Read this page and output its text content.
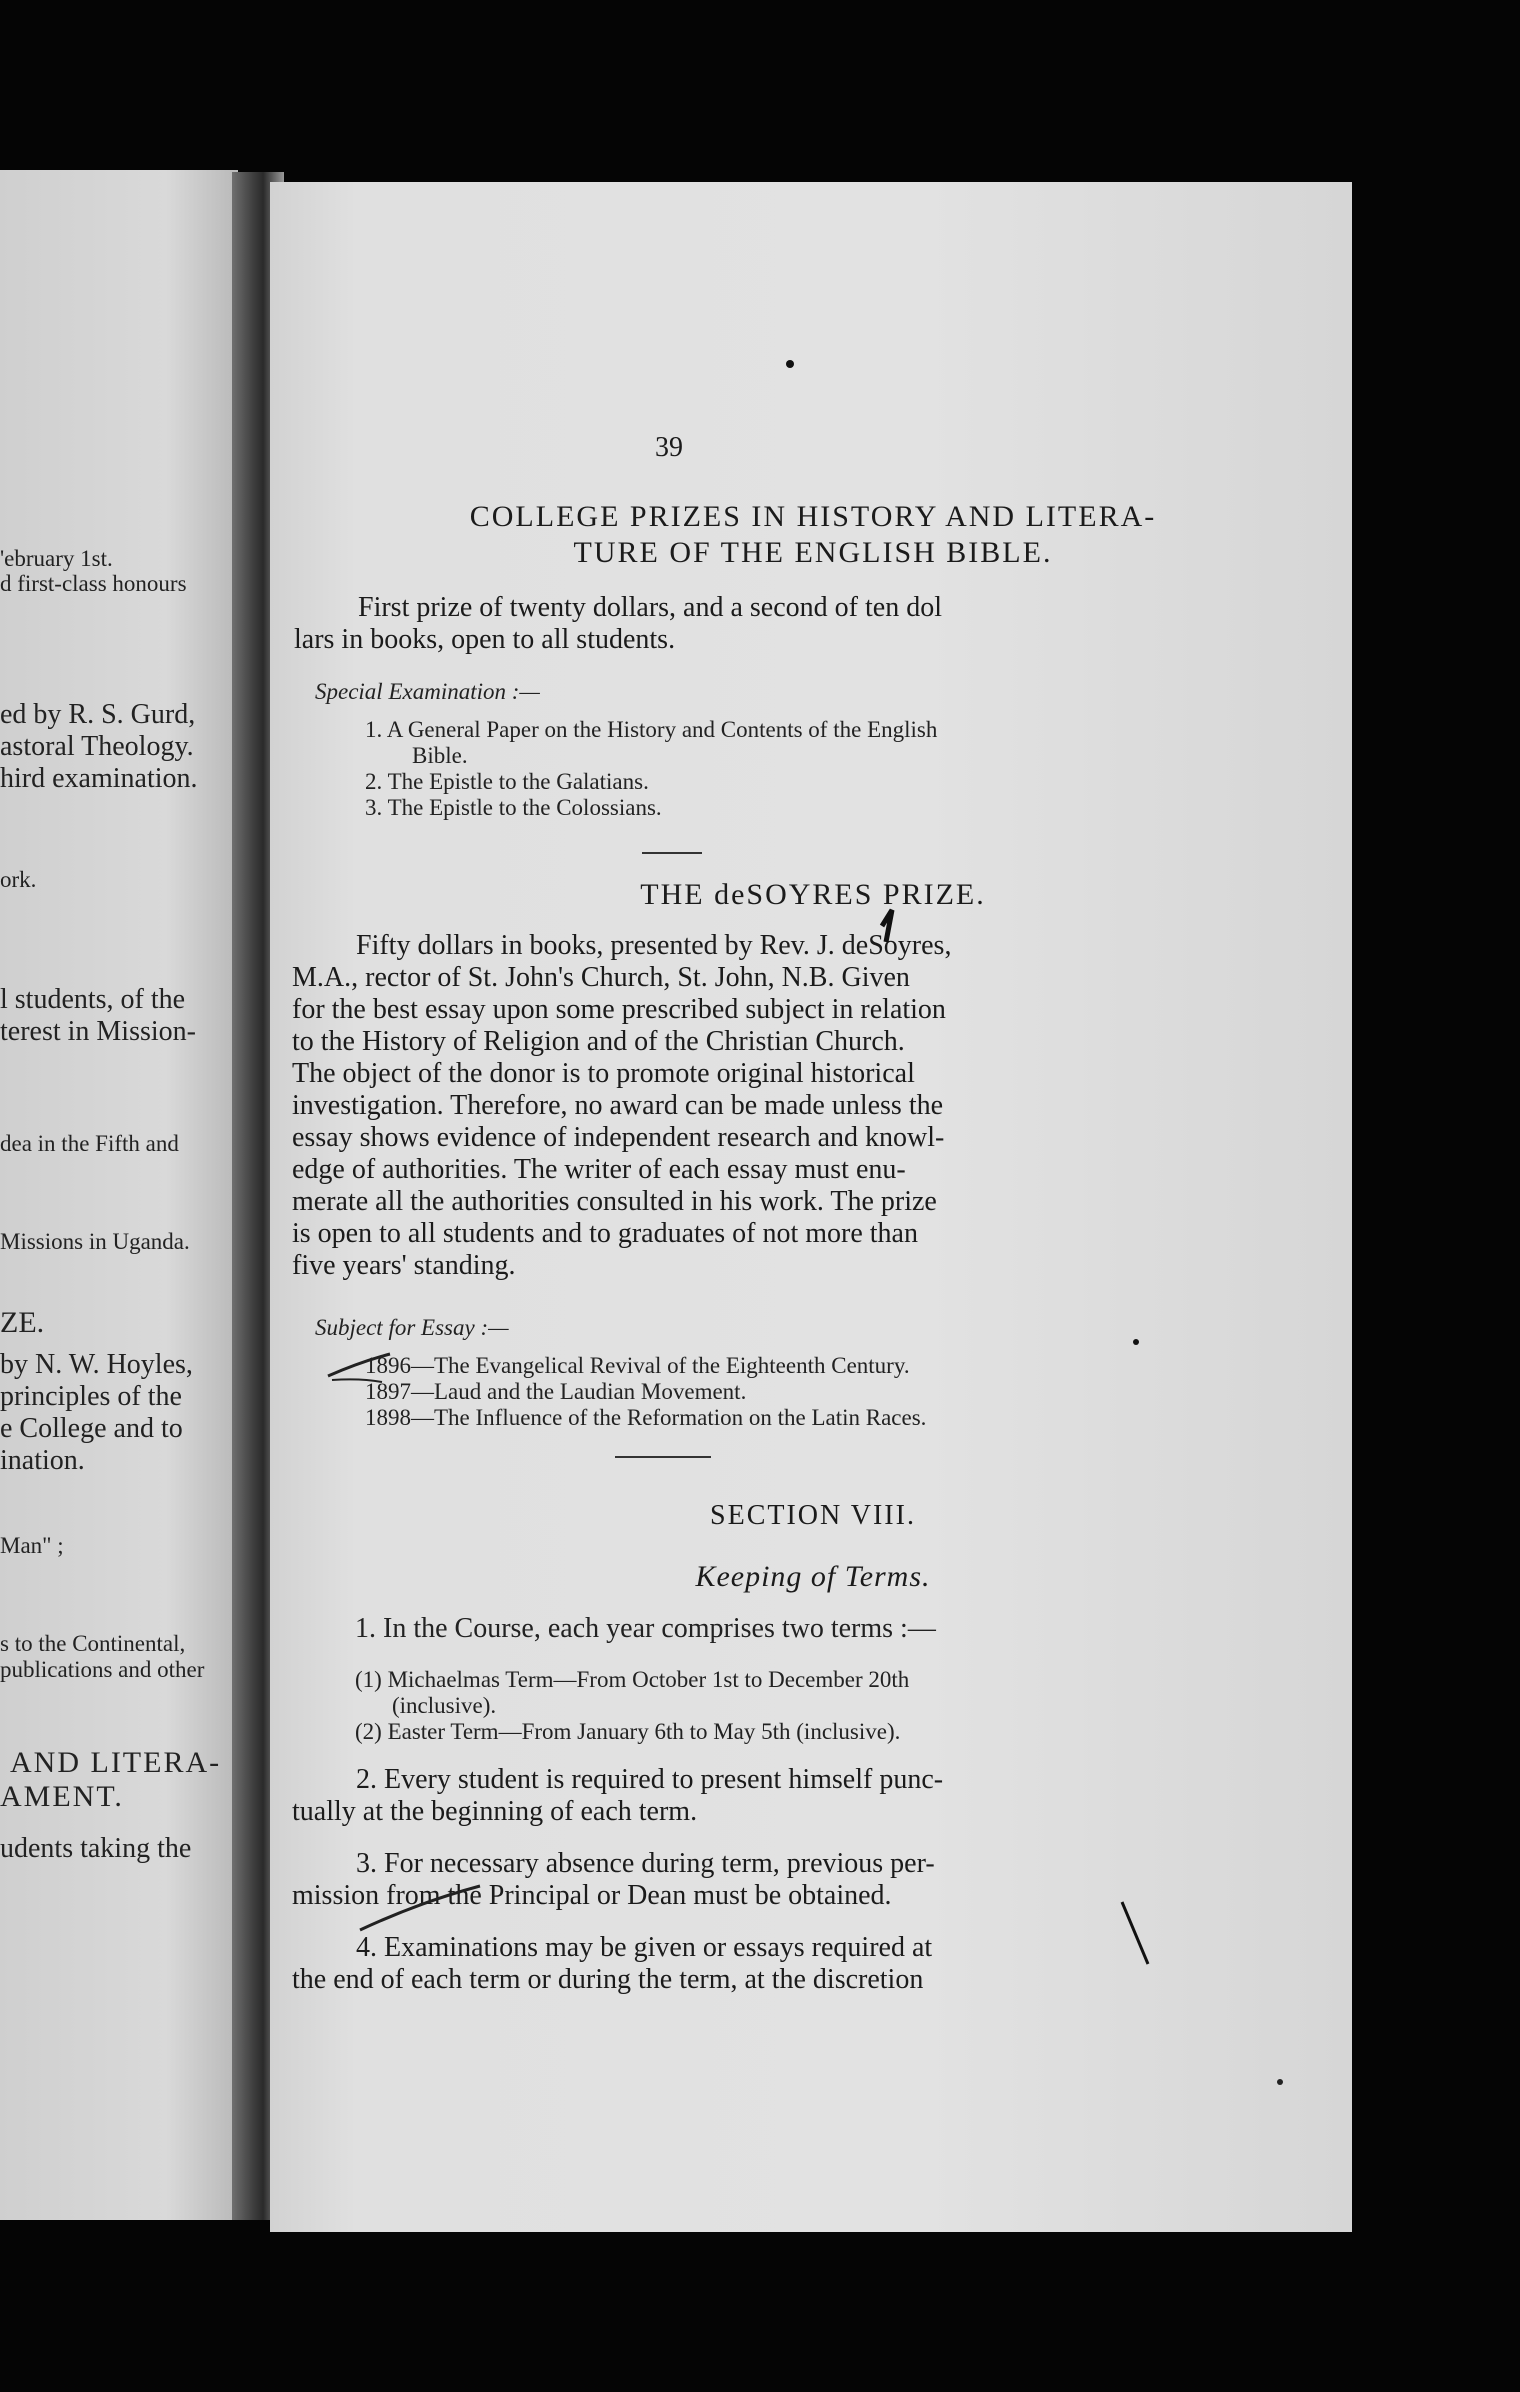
'ebruary 1st.
d first-class honours
ed by R. S. Gurd,
astoral Theology.
hird examination.
ork.
l students, of the
terest in Mission-
dea in the Fifth and
Missions in Uganda.
ZE.
by N. W. Hoyles,
principles of the
e College and to
ination.
Man" ;
s to the Continental,
publications and other
AND LITERA-
AMENT.
udents taking the
39
COLLEGE PRIZES IN HISTORY AND LITERA-
TURE OF THE ENGLISH BIBLE.
First prize of twenty dollars, and a second of ten dol
lars in books, open to all students.
Special Examination :—
1. A General Paper on the History and Contents of the English
Bible.
2. The Epistle to the Galatians.
3. The Epistle to the Colossians.
THE deSOYRES PRIZE.
Fifty dollars in books, presented by Rev. J. deSoyres,
M.A., rector of St. John's Church, St. John, N.B. Given
for the best essay upon some prescribed subject in relation
to the History of Religion and of the Christian Church.
The object of the donor is to promote original historical
investigation. Therefore, no award can be made unless the
essay shows evidence of independent research and knowl-
edge of authorities. The writer of each essay must enu-
merate all the authorities consulted in his work. The prize
is open to all students and to graduates of not more than
five years' standing.
Subject for Essay :—
1896—The Evangelical Revival of the Eighteenth Century.
1897—Laud and the Laudian Movement.
1898—The Influence of the Reformation on the Latin Races.
SECTION VIII.
Keeping of Terms.
1. In the Course, each year comprises two terms :—
(1) Michaelmas Term—From October 1st to December 20th
(inclusive).
(2) Easter Term—From January 6th to May 5th (inclusive).
2. Every student is required to present himself punc-
tually at the beginning of each term.
3. For necessary absence during term, previous per-
mission from the Principal or Dean must be obtained.
4. Examinations may be given or essays required at
the end of each term or during the term, at the discretion
